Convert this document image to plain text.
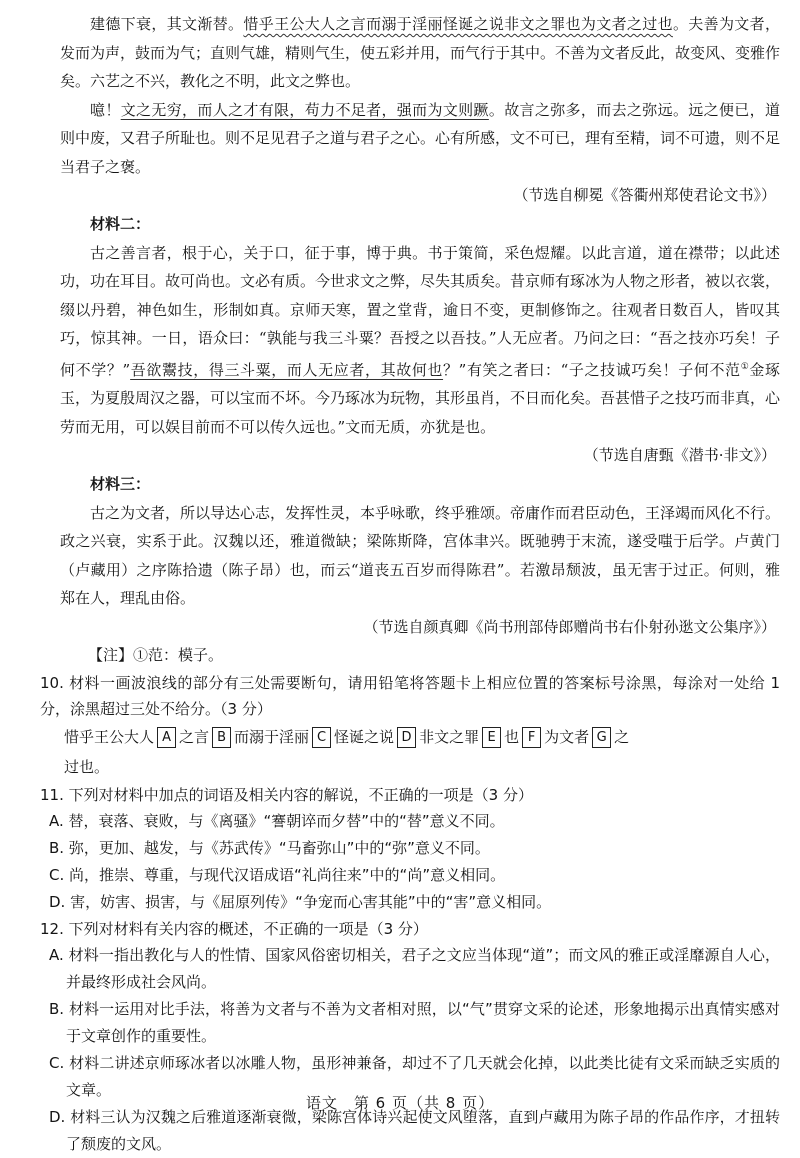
建德下衰，其文渐替。惜乎王公大人之言而溺于淫丽怪诞之说非文之罪也为文者之过也。夫善为文者，发而为声，鼓而为气；直则气雄，精则气生，使五彩并用，而气行于其中。不善为文者反此，故变风、变雅作矣。六艺之不兴，教化之不明，此文之弊也。

噫！文之无穷，而人之才有限，苟力不足者，强而为文则蹶。故言之弥多，而去之弥远。远之便已，道则中废，又君子所耻也。则不足见君子之道与君子之心。心有所感，文不可已，理有至精，词不可遗，则不足当君子之褒。

（节选自柳冕《答衢州郑使君论文书》）

材料二：

古之善言者，根于心，关于口，征于事，博于典。书于策简，采色煜耀。以此言道，道在襟带；以此述功，功在耳目。故可尚也。文必有质。今世求文之弊，尽失其质矣。昔京师有琢冰为人物之形者，被以衣裳，缀以丹碧，神色如生，形制如真。京师天寒，置之堂背，逾日不变，更制修饰之。往观者日数百人，皆叹其巧，惊其神。一日，语众曰：“孰能与我三斗粟？吾授之以吾技。”人无应者。乃问之曰：“吾之技亦巧矣！子何不学？”吾欲鬻技，得三斗粟，而人无应者，其故何也？”有笑之者曰：“子之技诚巧矣！子何不范①金琢玉，为夏殷周汉之器，可以宝而不坏。今乃琢冰为玩物，其形虽肖，不日而化矣。吾甚惜子之技巧而非真，心劳而无用，可以娱目前而不可以传久远也。”文而无质，亦犹是也。

（节选自唐甄《潜书·非文》）

材料三：

古之为文者，所以导达心志，发挥性灵，本乎咏歌，终乎雅颂。帝庸作而君臣动色，王泽竭而风化不行。政之兴衰，实系于此。汉魏以还，雅道微缺；梁陈斯降，宫体聿兴。既驰骋于末流，遂受嗤于后学。卢黄门（卢藏用）之序陈拾遗（陈子昂）也，而云“道丧五百岁而得陈君”。若激昂颓波，虽无害于过正。何则，雅郑在人，理乱由俗。

（节选自颜真卿《尚书刑部侍郎赠尚书右仆射孙逖文公集序》）

【注】①范：模子。

10. 材料一画波浪线的部分有三处需要断句，请用铅笔将答题卡上相应位置的答案标号涂黑，每涂对一处给 1 分，涂黑超过三处不给分。（3 分）

惜乎王公大人 A 之言 B 而溺于淫丽 C 怪诞之说 D 非文之罪 E 也 F 为文者 G 之

过也。

11. 下列对材料中加点的词语及相关内容的解说，不正确的一项是（3 分）

A. 替，衰落、衰败，与《离骚》“謇朝谇而夕替”中的“替”意义不同。

B. 弥，更加、越发，与《苏武传》“马畜弥山”中的“弥”意义不同。

C. 尚，推崇、尊重，与现代汉语成语“礼尚往来”中的“尚”意义相同。

D. 害，妨害、损害，与《屈原列传》“争宠而心害其能”中的“害”意义相同。

12. 下列对材料有关内容的概述，不正确的一项是（3 分）

A. 材料一指出教化与人的性情、国家风俗密切相关，君子之文应当体现“道”；而文风的雅正或淫靡源自人心，并最终形成社会风尚。

B. 材料一运用对比手法，将善为文者与不善为文者相对照，以“气”贯穿文采的论述，形象地揭示出真情实感对于文章创作的重要性。

C. 材料二讲述京师琢冰者以冰雕人物，虽形神兼备，却过不了几天就会化掉，以此类比徒有文采而缺乏实质的文章。

D. 材料三认为汉魏之后雅道逐渐衰微，梁陈宫体诗兴起使文风堕落，直到卢藏用为陈子昂的作品作序，才扭转了颓废的文风。

语文　第 6 页（共 8 页）
